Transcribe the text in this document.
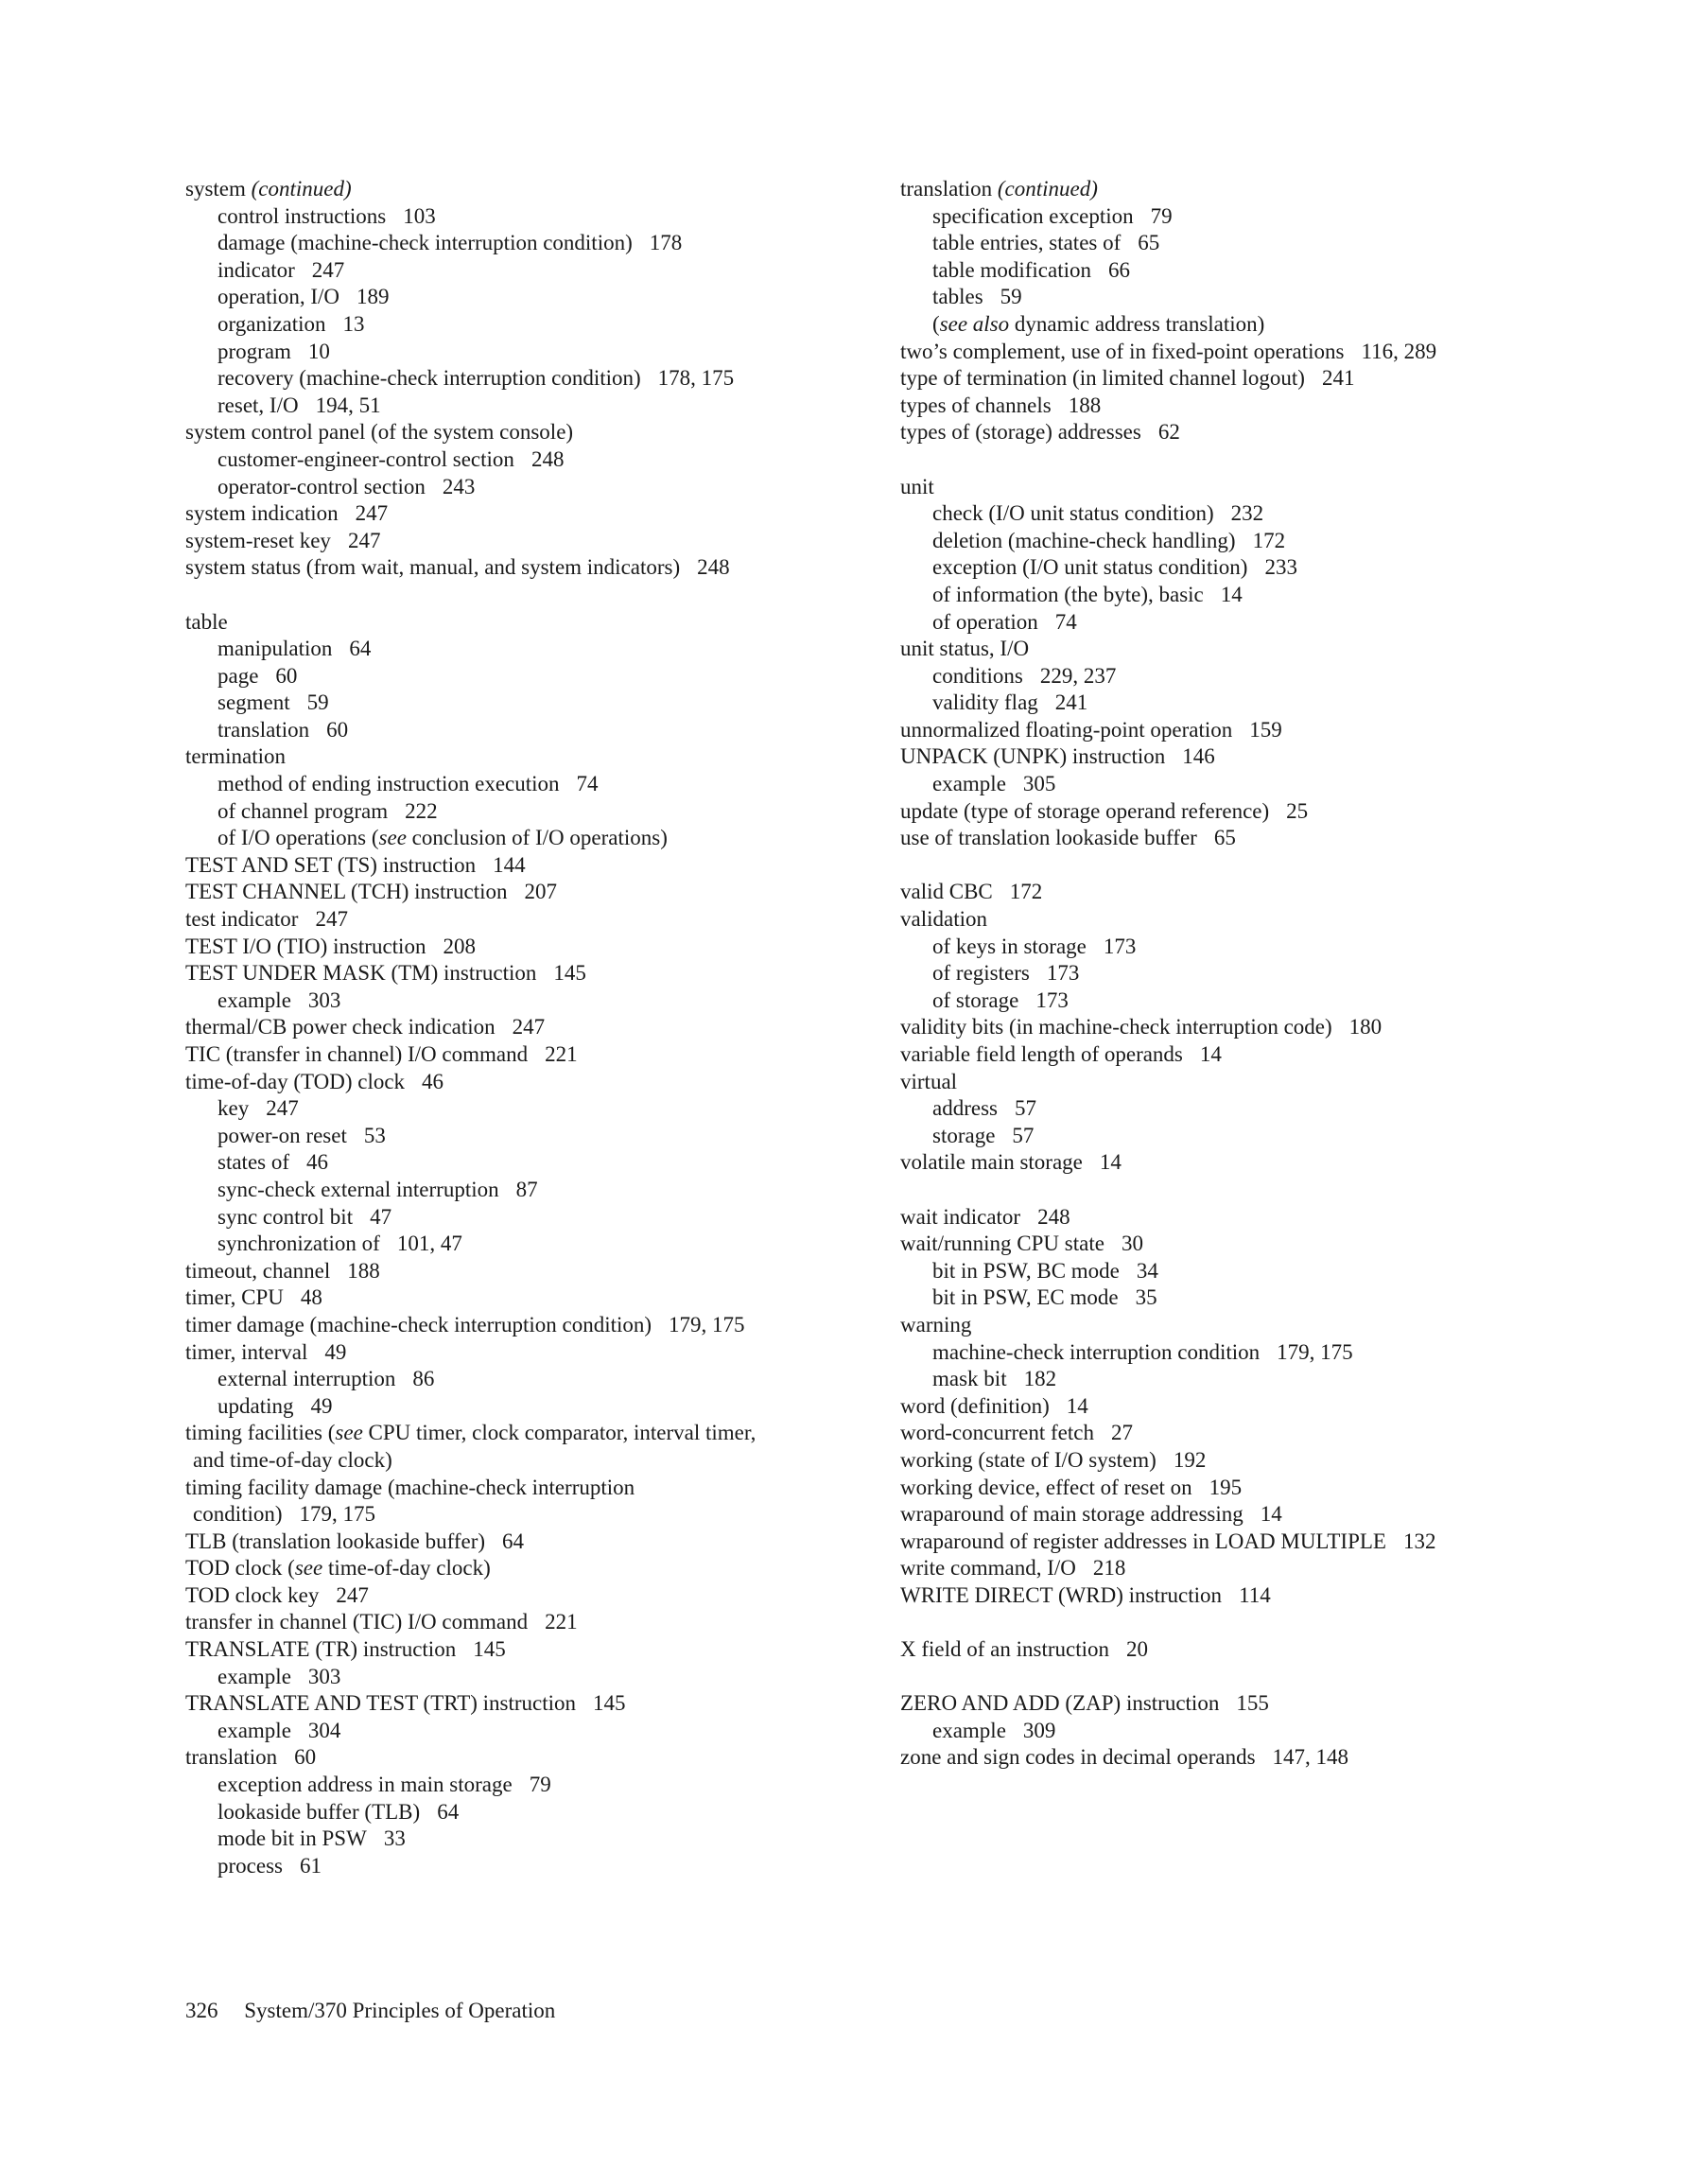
system (continued)
control instructions 103
damage (machine-check interruption condition) 178
indicator 247
operation, I/O 189
organization 13
program 10
recovery (machine-check interruption condition) 178, 175
reset, I/O 194, 51
system control panel (of the system console)
customer-engineer-control section 248
operator-control section 243
system indication 247
system-reset key 247
system status (from wait, manual, and system indicators) 248
table
manipulation 64
page 60
segment 59
translation 60
termination
method of ending instruction execution 74
of channel program 222
of I/O operations (see conclusion of I/O operations)
TEST AND SET (TS) instruction 144
TEST CHANNEL (TCH) instruction 207
test indicator 247
TEST I/O (TIO) instruction 208
TEST UNDER MASK (TM) instruction 145
example 303
thermal/CB power check indication 247
TIC (transfer in channel) I/O command 221
time-of-day (TOD) clock 46
key 247
power-on reset 53
states of 46
sync-check external interruption 87
sync control bit 47
synchronization of 101, 47
timeout, channel 188
timer, CPU 48
timer damage (machine-check interruption condition) 179, 175
timer, interval 49
external interruption 86
updating 49
timing facilities (see CPU timer, clock comparator, interval timer,
and time-of-day clock)
timing facility damage (machine-check interruption
condition) 179, 175
TLB (translation lookaside buffer) 64
TOD clock (see time-of-day clock)
TOD clock key 247
transfer in channel (TIC) I/O command 221
TRANSLATE (TR) instruction 145
example 303
TRANSLATE AND TEST (TRT) instruction 145
example 304
translation 60
exception address in main storage 79
lookaside buffer (TLB) 64
mode bit in PSW 33
process 61
translation (continued)
specification exception 79
table entries, states of 65
table modification 66
tables 59
(see also dynamic address translation)
two’s complement, use of in fixed-point operations 116, 289
type of termination (in limited channel logout) 241
types of channels 188
types of (storage) addresses 62
unit
check (I/O unit status condition) 232
deletion (machine-check handling) 172
exception (I/O unit status condition) 233
of information (the byte), basic 14
of operation 74
unit status, I/O
conditions 229, 237
validity flag 241
unnormalized floating-point operation 159
UNPACK (UNPK) instruction 146
example 305
update (type of storage operand reference) 25
use of translation lookaside buffer 65
valid CBC 172
validation
of keys in storage 173
of registers 173
of storage 173
validity bits (in machine-check interruption code) 180
variable field length of operands 14
virtual
address 57
storage 57
volatile main storage 14
wait indicator 248
wait/running CPU state 30
bit in PSW, BC mode 34
bit in PSW, EC mode 35
warning
machine-check interruption condition 179, 175
mask bit 182
word (definition) 14
word-concurrent fetch 27
working (state of I/O system) 192
working device, effect of reset on 195
wraparound of main storage addressing 14
wraparound of register addresses in LOAD MULTIPLE 132
write command, I/O 218
WRITE DIRECT (WRD) instruction 114
X field of an instruction 20
ZERO AND ADD (ZAP) instruction 155
example 309
zone and sign codes in decimal operands 147, 148
326 System/370 Principles of Operation
